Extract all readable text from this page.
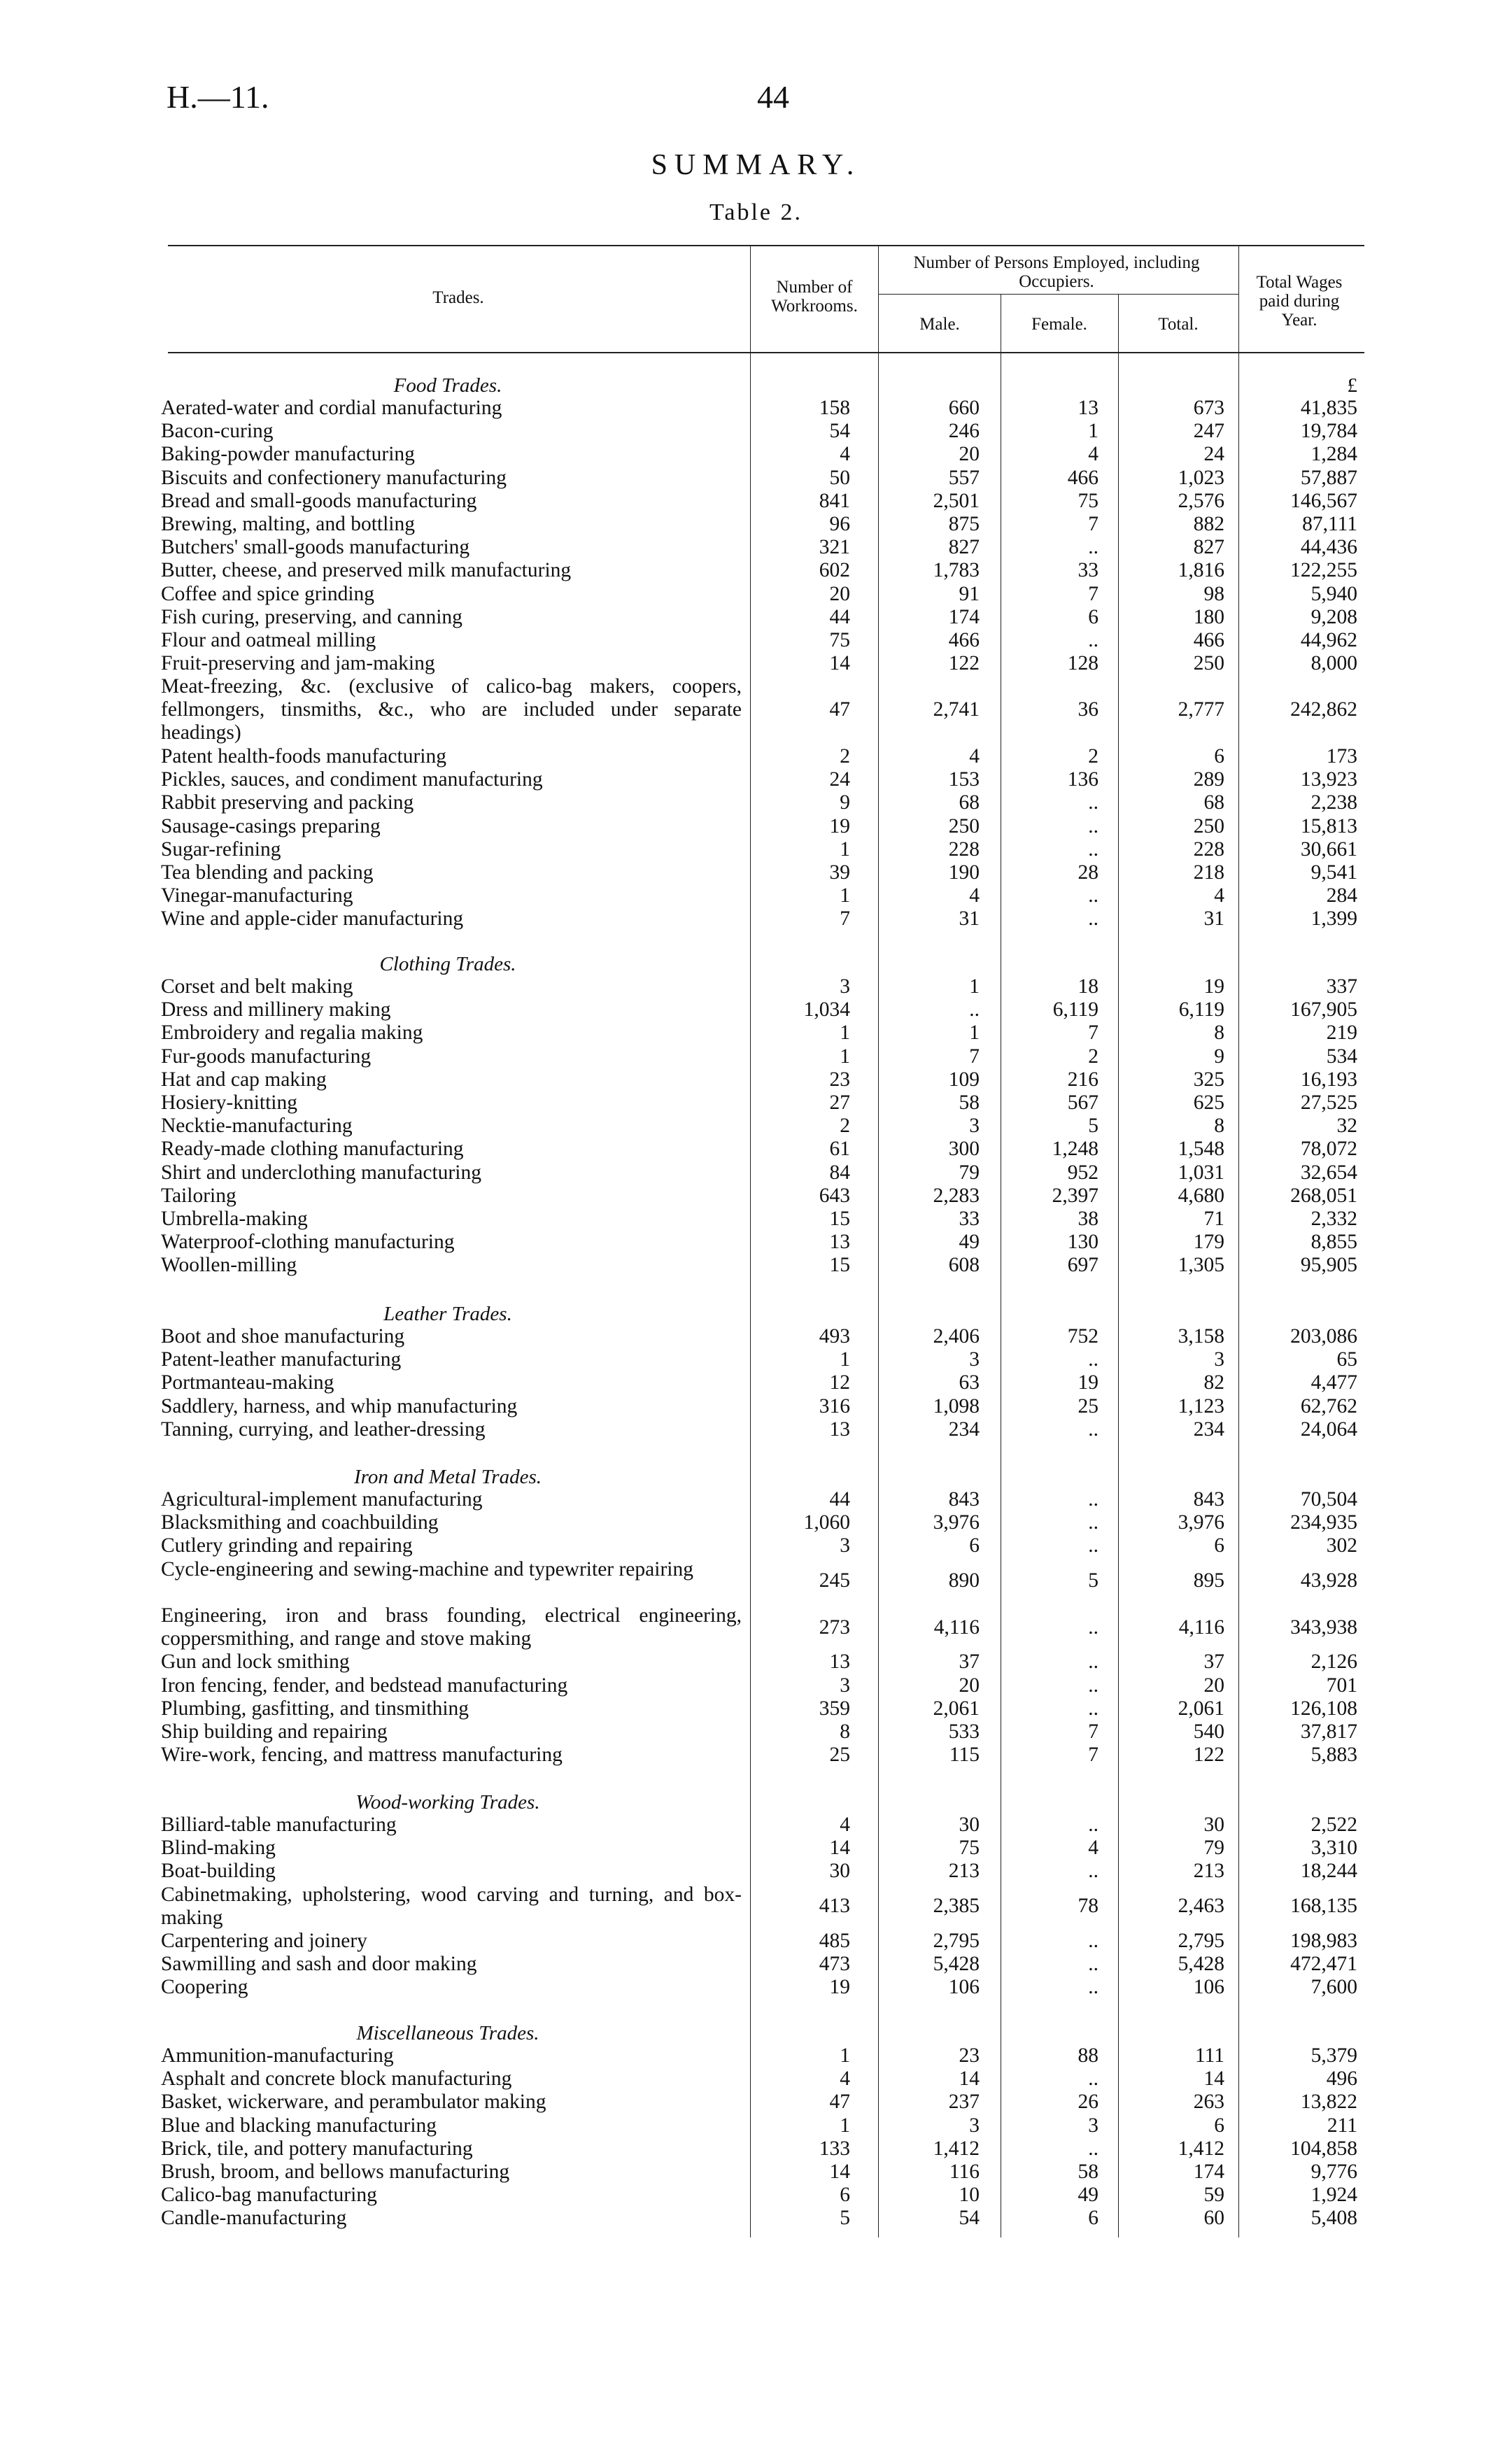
H.—11.	44
SUMMARY.
Table 2.
Trades.
Number of Workrooms.
Number of Persons Employed, including Occupiers.
Male.	Female.	Total.
Total Wages paid during Year.
£
Food Trades.
Aerated-water and cordial manufacturing	158	660	13	673	41,835
Bacon-curing	54	246	1	247	19,784
Baking-powder manufacturing	4	20	4	24	1,284
Biscuits and confectionery manufacturing	50	557	466	1,023	57,887
Bread and small-goods manufacturing	841	2,501	75	2,576	146,567
Brewing, malting, and bottling	96	875	7	882	87,111
Butchers' small-goods manufacturing	321	827	..	827	44,436
Butter, cheese, and preserved milk manufacturing	602	1,783	33	1,816	122,255
Coffee and spice grinding	20	91	7	98	5,940
Fish curing, preserving, and canning	44	174	6	180	9,208
Flour and oatmeal milling	75	466	..	466	44,962
Fruit-preserving and jam-making	14	122	128	250	8,000
Meat-freezing, &c. (exclusive of calico-bag makers, coopers, fellmongers, tinsmiths, &c., who are included under separate headings)
47	2,741	36	2,777	242,862
Patent health-foods manufacturing	2	4	2	6	173
Pickles, sauces, and condiment manufacturing	24	153	136	289	13,923
Rabbit preserving and packing	9	68	..	68	2,238
Sausage-casings preparing	19	250	..	250	15,813
Sugar-refining	1	228	..	228	30,661
Tea blending and packing	39	190	28	218	9,541
Vinegar-manufacturing	1	4	..	4	284
Wine and apple-cider manufacturing	7	31	..	31	1,399
Clothing Trades.
Corset and belt making	3	1	18	19	337
Dress and millinery making	1,034	..	6,119	6,119	167,905
Embroidery and regalia making	1	1	7	8	219
Fur-goods manufacturing	1	7	2	9	534
Hat and cap making	23	109	216	325	16,193
Hosiery-knitting	27	58	567	625	27,525
Necktie-manufacturing	2	3	5	8	32
Ready-made clothing manufacturing	61	300	1,248	1,548	78,072
Shirt and underclothing manufacturing	84	79	952	1,031	32,654
Tailoring	643	2,283	2,397	4,680	268,051
Umbrella-making	15	33	38	71	2,332
Waterproof-clothing manufacturing	13	49	130	179	8,855
Woollen-milling	15	608	697	1,305	95,905
Leather Trades.
Boot and shoe manufacturing	493	2,406	752	3,158	203,086
Patent-leather manufacturing	1	3	..	3	65
Portmanteau-making	12	63	19	82	4,477
Saddlery, harness, and whip manufacturing	316	1,098	25	1,123	62,762
Tanning, currying, and leather-dressing	13	234	..	234	24,064
Iron and Metal Trades.
Agricultural-implement manufacturing	44	843	..	843	70,504
Blacksmithing and coachbuilding	1,060	3,976	..	3,976	234,935
Cutlery grinding and repairing	3	6	..	6	302
Cycle-engineering and sewing-machine and typewriter repairing
245	890	5	895	43,928
Engineering, iron and brass founding, electrical engineering, coppersmithing, and range and stove making
273	4,116	..	4,116	343,938
Gun and lock smithing	13	37	..	37	2,126
Iron fencing, fender, and bedstead manufacturing	3	20	..	20	701
Plumbing, gasfitting, and tinsmithing	359	2,061	..	2,061	126,108
Ship building and repairing	8	533	7	540	37,817
Wire-work, fencing, and mattress manufacturing	25	115	7	122	5,883
Wood-working Trades.
Billiard-table manufacturing	4	30	..	30	2,522
Blind-making	14	75	4	79	3,310
Boat-building	30	213	..	213	18,244
Cabinetmaking, upholstering, wood carving and turning, and box-making
413	2,385	78	2,463	168,135
Carpentering and joinery	485	2,795	..	2,795	198,983
Sawmilling and sash and door making	473	5,428	..	5,428	472,471
Coopering	19	106	..	106	7,600
Miscellaneous Trades.
Ammunition-manufacturing	1	23	88	111	5,379
Asphalt and concrete block manufacturing	4	14	..	14	496
Basket, wickerware, and perambulator making	47	237	26	263	13,822
Blue and blacking manufacturing	1	3	3	6	211
Brick, tile, and pottery manufacturing	133	1,412	..	1,412	104,858
Brush, broom, and bellows manufacturing	14	116	58	174	9,776
Calico-bag manufacturing	6	10	49	59	1,924
Candle-manufacturing	5	54	6	60	5,408
